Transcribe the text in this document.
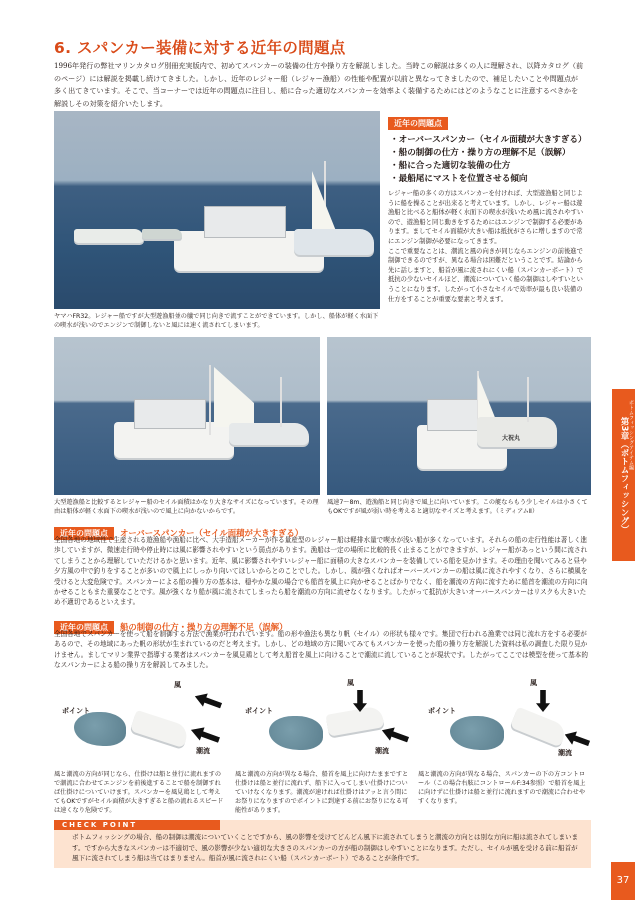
6. スパンカー装備に対する近年の問題点
1996年発行の弊社マリンカタログ別冊充実版内で、初めてスパンカーの装備の仕方や操り方を解説しました。当時この解説は多くの人に理解され、以降カタログ（前のページ）には解説を掲載し続けてきました。しかし、近年のレジャー船（レジャー漁船）の性能や配置が以前と異なってきましたので、補足したいことや問題点が多く出てきています。そこで、当コーナーでは近年の問題点に注目し、船に合った適切なスパンカーを効率よく装備するためにはどのようなことに注意するべきかを解説しその対策を紹介いたします。
近年の問題点
・オーバースパンカー（セイル面積が大きすぎる）
・船の制御の仕方・操り方の理解不足（誤解）
・船に合った適切な装備の仕方
・最船尾にマストを位置させる傾向
レジャー船の多くの方はスパンカーを付ければ、大型遊漁船と同じように船を操ることが出来ると考えています。しかし、レジャー船は遊漁船と比べると船体が軽く水面下の喫水が浅いため風に流されやすいので、遊漁船と同じ動きをするためにはエンジンで制御する必要があります。ましてセイル面積が大きい船は抵抗がさらに増しますので常にエンジン制御が必要になってきます。
ここで重要なことは、潮流と風の向きが同じならエンジンの前後進で制御できるのですが、異なる場合は困難だということです。結論から先に話しますと、船首が風に流されにくい船（スパンカーボート）で抵抗の少ないセイルほど、潮流についていく船の制御はしやすいということになります。したがって小さなセイルで効率が最も良い装備の仕方をすることが重要な要素と考えます。
ヤマハFR32。レジャー船ですが大型遊漁船並の艤で同じ向きで流すことができています。しかし、船体が軽く水面下の喫水が浅いのでエンジンで制御しないと風には速く流されてしまいます。
大型遊漁船と比較するとレジャー船のセイル面積はかなり大きなサイズになっています。その理由は船体が軽く水面下の喫水が浅いので風上に向かないからです。
大祝丸
風速7～8m、遊漁船と同じ向きで風上に向いています。この艇ならもう少しセイルは小さくてもOKですが風が弱い時を考えると適切なサイズと考えます。（ミディアムⅡ）	第3章（ボトムフィッシング） ボトムフィッシングアイテム編
近年の問題点 オーバースパンカー（セイル面積が大きすぎる）
全国各地の地域性で生産される遊漁船や漁船に比べ、大手造船メーカーが作る量産型のレジャー船は軽排水量で喫水が浅い船が多くなっています。それらの船の走行性能は著しく進歩していますが、微速走行時や停止時には風に影響されやすいという弱点があります。漁船は一定の場所に比較的長く止まることができますが、レジャー船があっという間に流されてしまうことから理解していただけるかと思います。近年、風に影響されやすいレジャー船に面積の大きなスパンカーを装備している船を見かけます。その理由を聞いてみると昼や夕方風の中で釣りをすることが多いので風上にしっかり向いてほしいからとのことでした。しかし、風が強くなればオーバースパンカーの船は風に流されやすくなり、さらに横風を受けると大変危険です。スパンカーによる船の操り方の基本は、穏やかな風の場合でも船首を風上に向かせることばかりでなく、船を潮流の方向に流すために船首を潮流の方向に向かせることもまた重要なことです。風が強くなり船が風に流されてしまったら船を潮流の方向に流せなくなります。したがって抵抗が大きいオーバースパンカーはリスクも大きいため不適切であるといえます。
近年の問題点 船の制御の仕方・操り方の理解不足（誤解）
全国各地でスパンカーを使って船を制御する方法で漁業が行われています。船の形や漁法も異なり帆（セイル）の形状も様々です。集団で行われる漁業では同じ流れ方をする必要があるので、その地域にあった帆の形状が生まれているのだと考えます。しかし、どの地域の方に聞いてみてもスパンカーを使った船の操り方を解説した資料は私の調査した限り見かけません。ましてマリン業界で指導する業者はスパンカーを風見鶏として考え船首を風上に向けることで潮流に流していることが現状です。したがってここでは模型を使って基本的なスパンカーによる船の操り方を解説してみました。
風
潮流
ポイント
風と潮流の方向が同じなら、仕掛けは船と並行に流れますので潮流に合わせてエンジンを前後進することで船を制御すれば仕掛けについていけます。スパンカーを風見鶏として考えてもOKですがセイル面積が大きすぎると船の流れるスピードは速くなり危険です。
風
潮流
ポイント
風と潮流の方向が異なる場合、船首を風上に向けたままですと仕掛けは船と並行に流れず、船下に入ってしまい仕掛けについていけなくなります。潮流が速ければ仕掛けはアッと言う間にお祭りになりますのでポイントに到達する前にお祭りになる可能性があります。
風
潮流
ポイント
風と潮流の方向が異なる場合、スパンカーの下の方コントロール（この場合右舷にコントロールF:34参照）で船首を風上に向けずに仕掛けは船と並行に流れますので潮流に合わせやすくなります。
CHECK POINT
ボトムフィッシングの場合、船の制御は潮流についていくことですから、風の影響を受けてどんどん風下に流されてしまうと潮流の方向とは別な方向に船は流されてしまいます。ですから大きなスパンカーは不適切で、風の影響が少ない適切な大きさのスパンカーの方が船の制御はしやすいことになります。ただし、セイルが風を受ける前に船首が風下に流されてしまう船は当てはまりません。船首が風に流されにくい船（スパンカーボート）であることが条件です。
37
